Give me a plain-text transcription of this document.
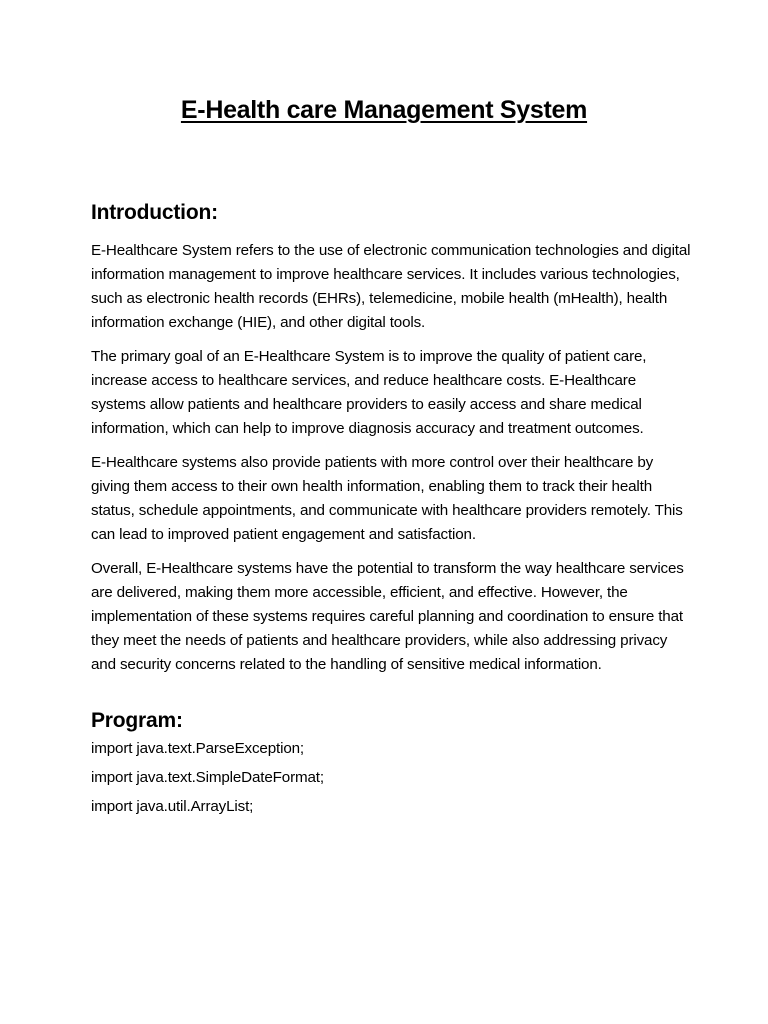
E-Health care Management System
Introduction:

E-Healthcare System refers to the use of electronic communication technologies and digital information management to improve healthcare services. It includes various technologies, such as electronic health records (EHRs), telemedicine, mobile health (mHealth), health information exchange (HIE), and other digital tools.

The primary goal of an E-Healthcare System is to improve the quality of patient care, increase access to healthcare services, and reduce healthcare costs. E-Healthcare systems allow patients and healthcare providers to easily access and share medical information, which can help to improve diagnosis accuracy and treatment outcomes.

E-Healthcare systems also provide patients with more control over their healthcare by giving them access to their own health information, enabling them to track their health status, schedule appointments, and communicate with healthcare providers remotely. This can lead to improved patient engagement and satisfaction.

Overall, E-Healthcare systems have the potential to transform the way healthcare services are delivered, making them more accessible, efficient, and effective. However, the implementation of these systems requires careful planning and coordination to ensure that they meet the needs of patients and healthcare providers, while also addressing privacy and security concerns related to the handling of sensitive medical information.

Program:

import java.text.ParseException;

import java.text.SimpleDateFormat;

import java.util.ArrayList;
